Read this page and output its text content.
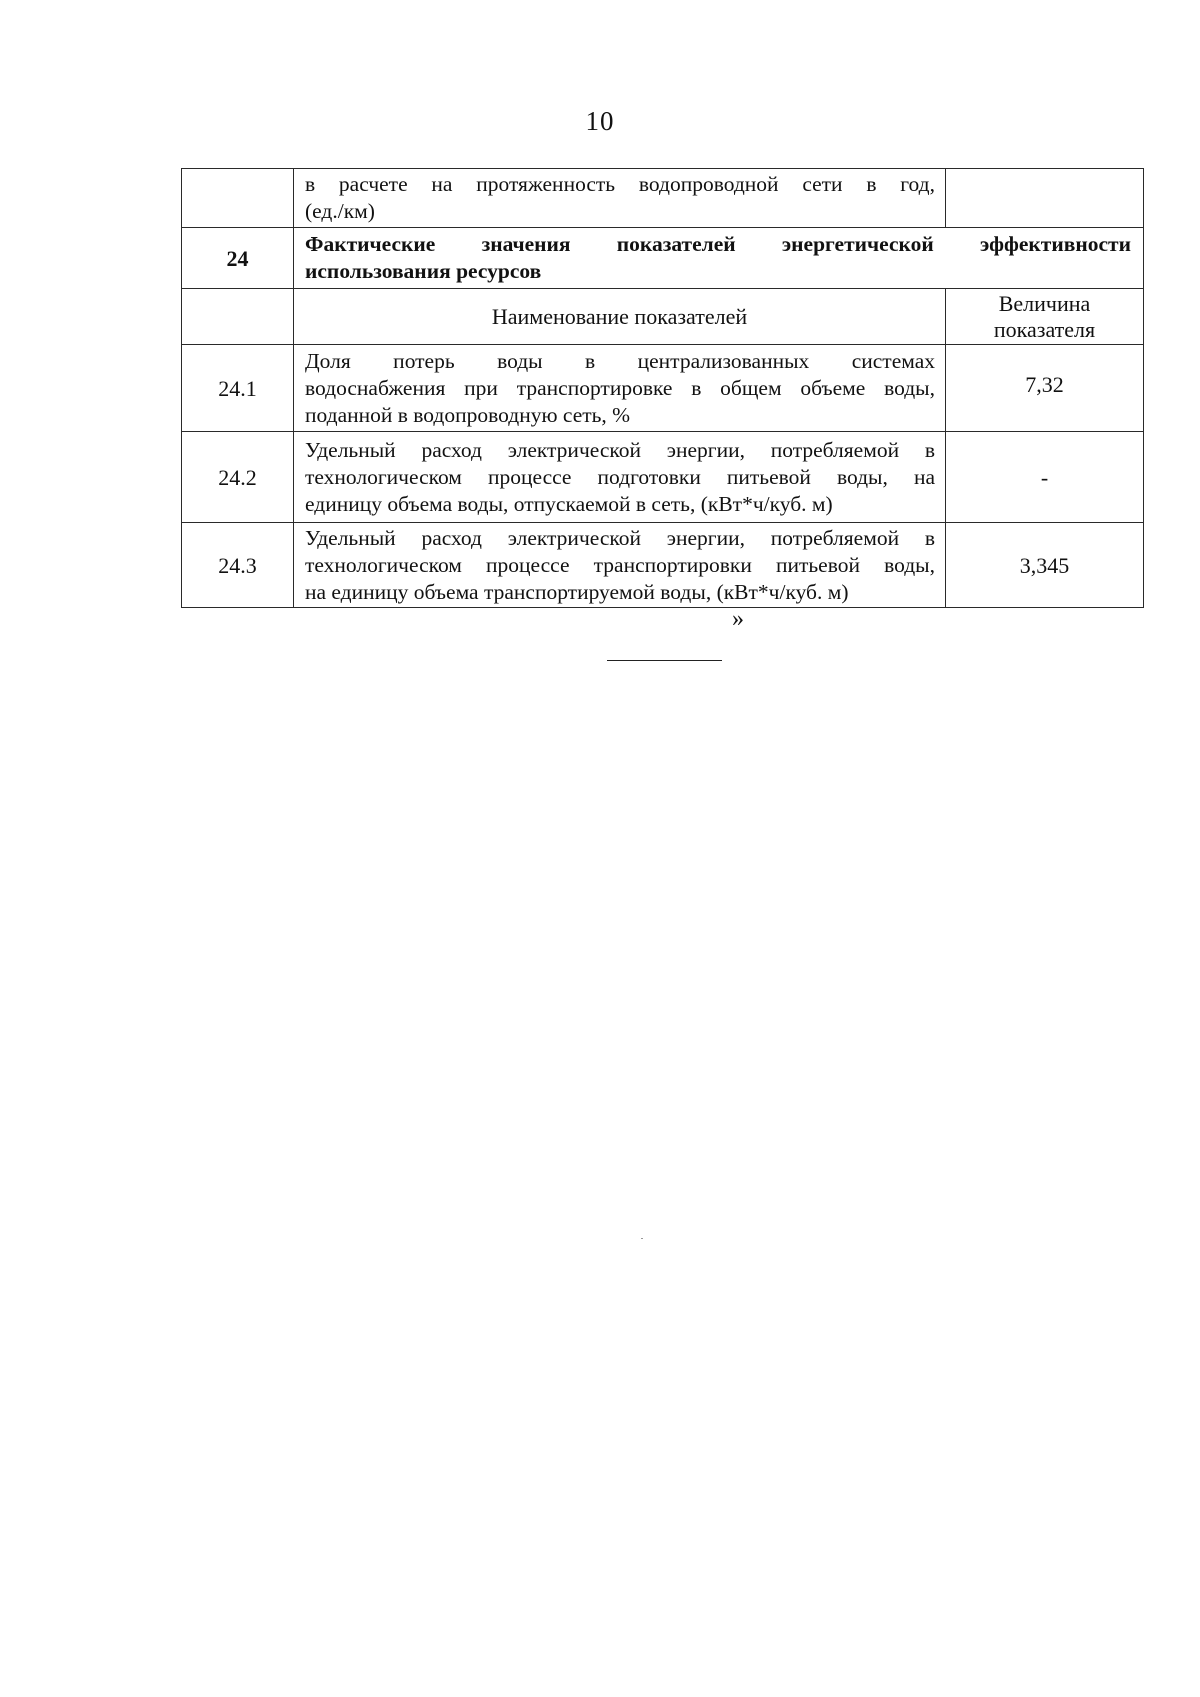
10

	в расчете на протяженность водопроводной сети в год,
(ед./км)	

24	Фактические значения показателей энергетической эффективности
использования ресурсов	

	Наименование показателей	Величина
показателя

24.1	Доля потерь воды в централизованных системах
водоснабжения при транспортировке в общем объеме воды,
поданной в водопроводную сеть, %	7,32

24.2	Удельный расход электрической энергии, потребляемой в
технологическом процессе подготовки питьевой воды, на
единицу объема воды, отпускаемой в сеть, (кВт*ч/куб. м)	-

24.3	Удельный расход электрической энергии, потребляемой в
технологическом процессе транспортировки питьевой воды,
на единицу объема транспортируемой воды, (кВт*ч/куб. м)	3,345
»
